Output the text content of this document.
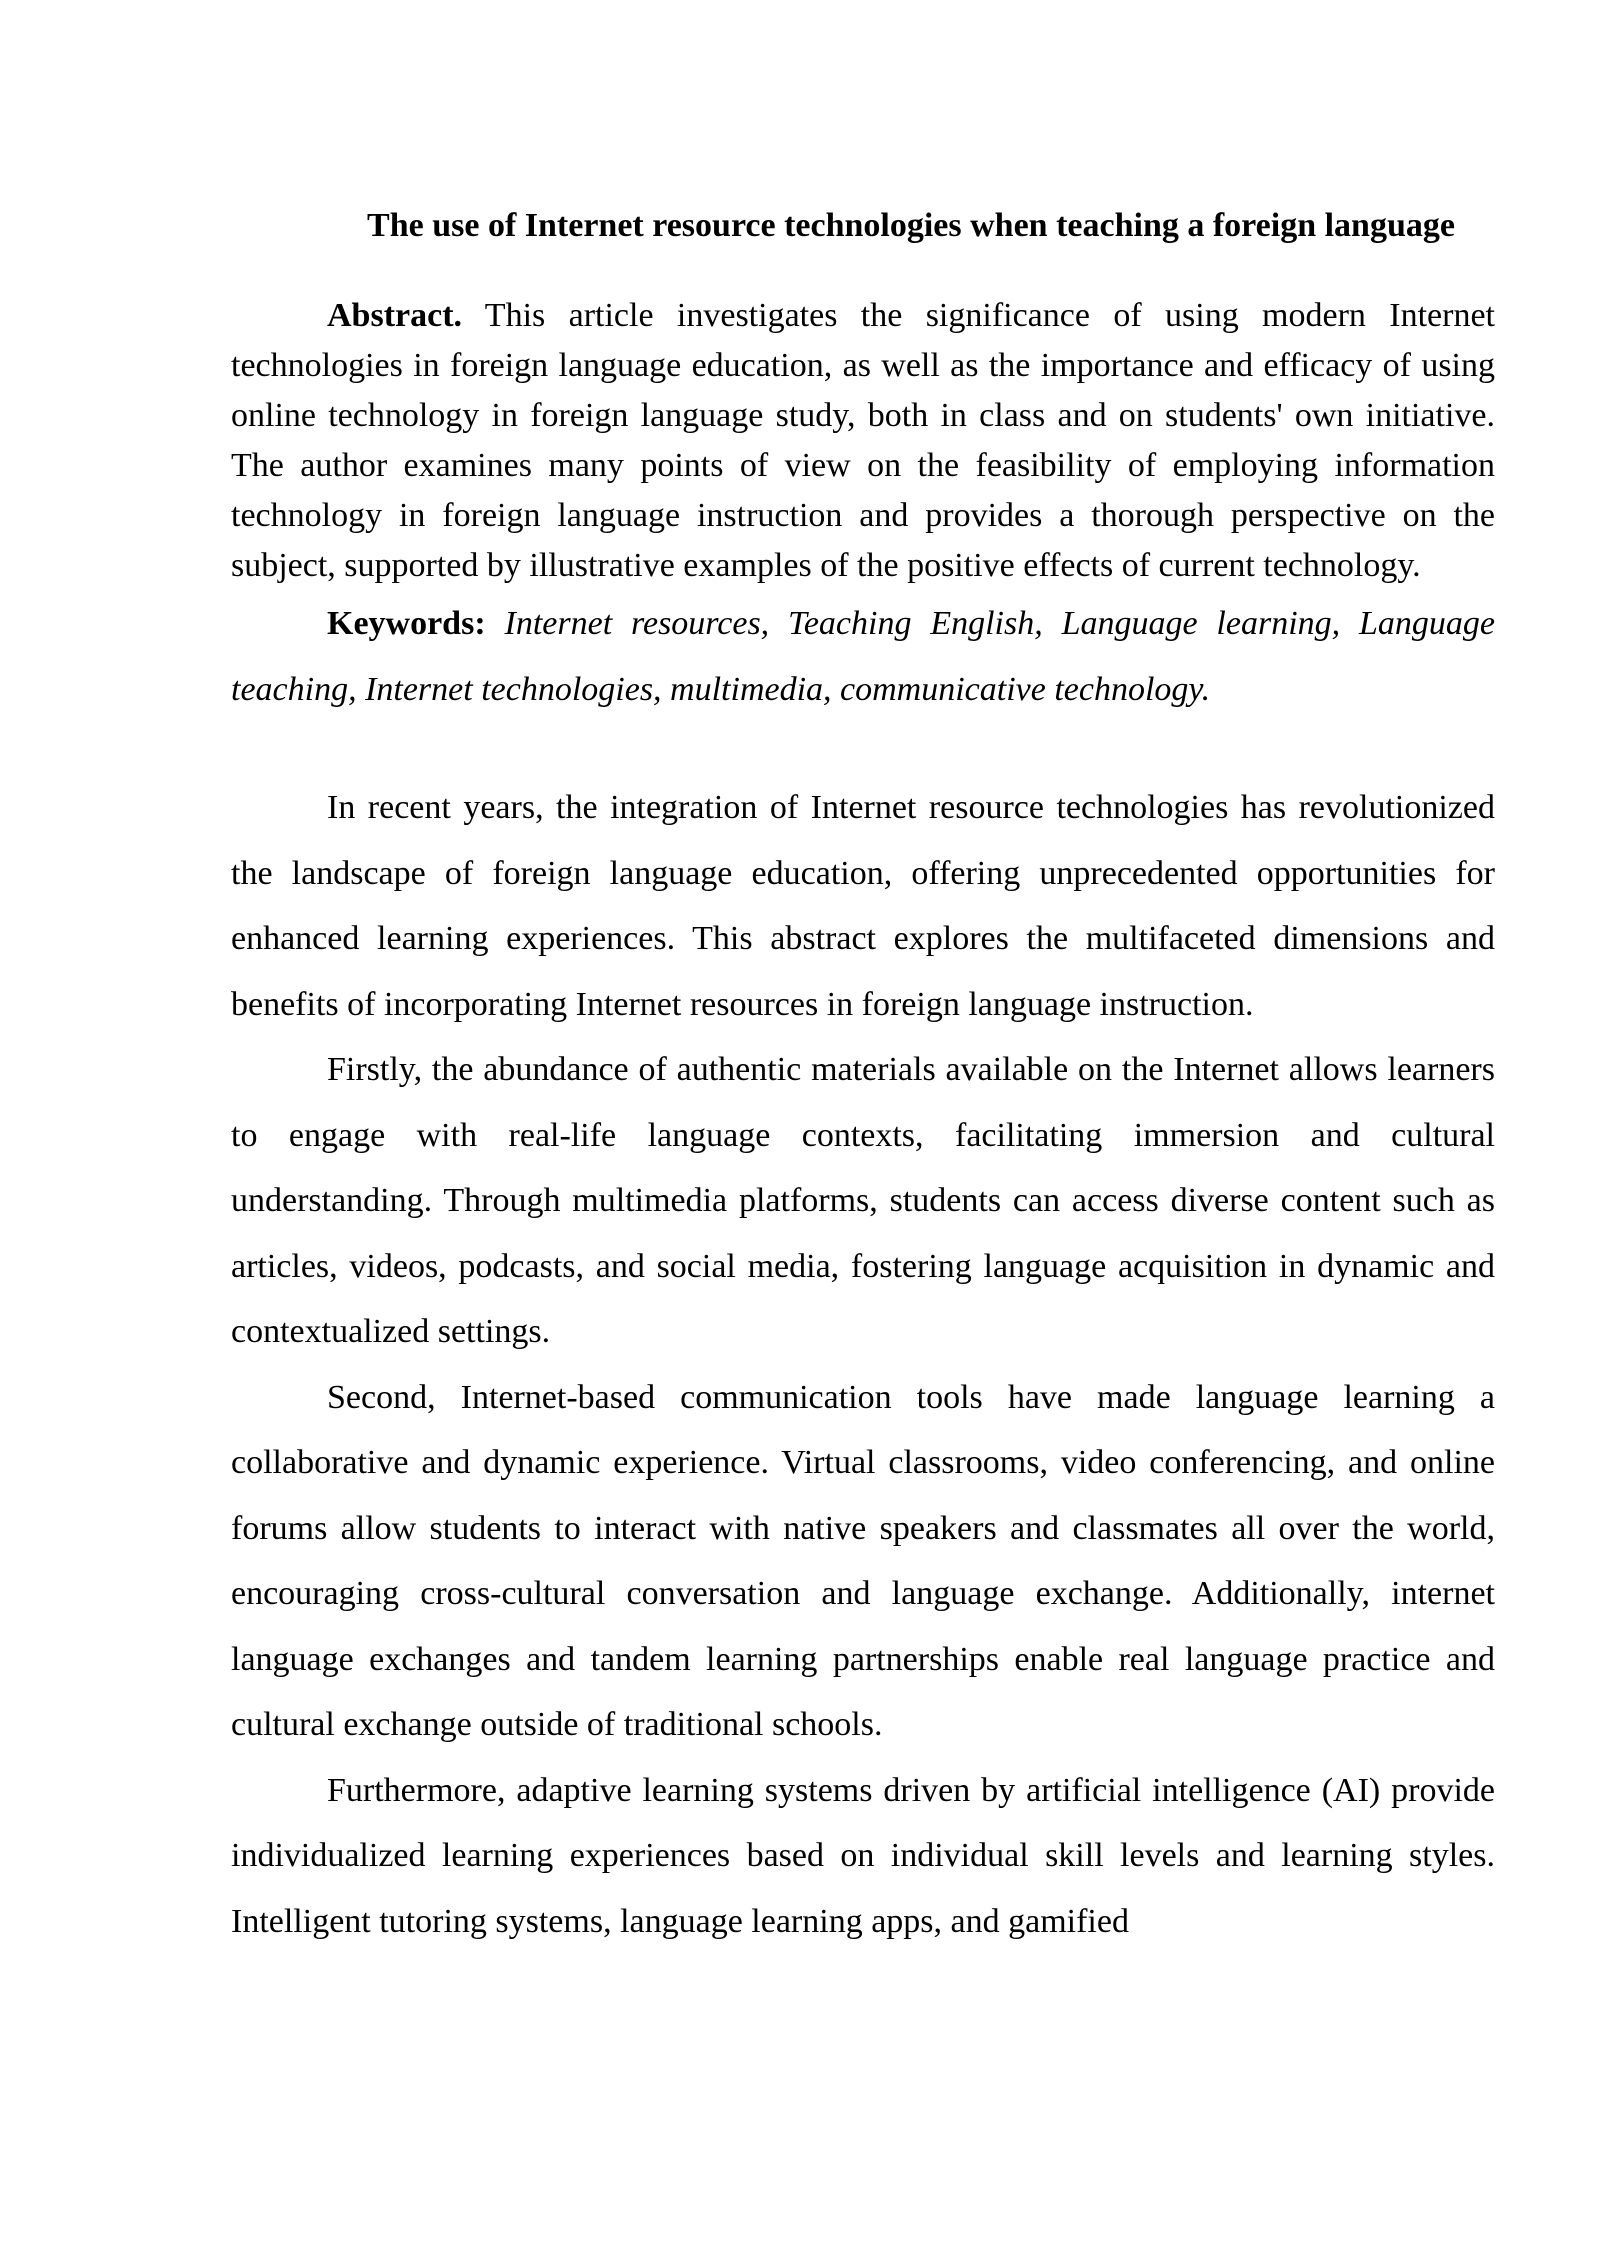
The use of Internet resource technologies when teaching a foreign language

Abstract. This article investigates the significance of using modern Internet technologies in foreign language education, as well as the importance and efficacy of using online technology in foreign language study, both in class and on students' own initiative. The author examines many points of view on the feasibility of employing information technology in foreign language instruction and provides a thorough perspective on the subject, supported by illustrative examples of the positive effects of current technology.

Keywords: Internet resources, Teaching English, Language learning, Language teaching, Internet technologies, multimedia, communicative technology.

In recent years, the integration of Internet resource technologies has revolutionized the landscape of foreign language education, offering unprecedented opportunities for enhanced learning experiences. This abstract explores the multifaceted dimensions and benefits of incorporating Internet resources in foreign language instruction.

Firstly, the abundance of authentic materials available on the Internet allows learners to engage with real-life language contexts, facilitating immersion and cultural understanding. Through multimedia platforms, students can access diverse content such as articles, videos, podcasts, and social media, fostering language acquisition in dynamic and contextualized settings.

Second, Internet-based communication tools have made language learning a collaborative and dynamic experience. Virtual classrooms, video conferencing, and online forums allow students to interact with native speakers and classmates all over the world, encouraging cross-cultural conversation and language exchange. Additionally, internet language exchanges and tandem learning partnerships enable real language practice and cultural exchange outside of traditional schools.

Furthermore, adaptive learning systems driven by artificial intelligence (AI) provide individualized learning experiences based on individual skill levels and learning styles. Intelligent tutoring systems, language learning apps, and gamified
